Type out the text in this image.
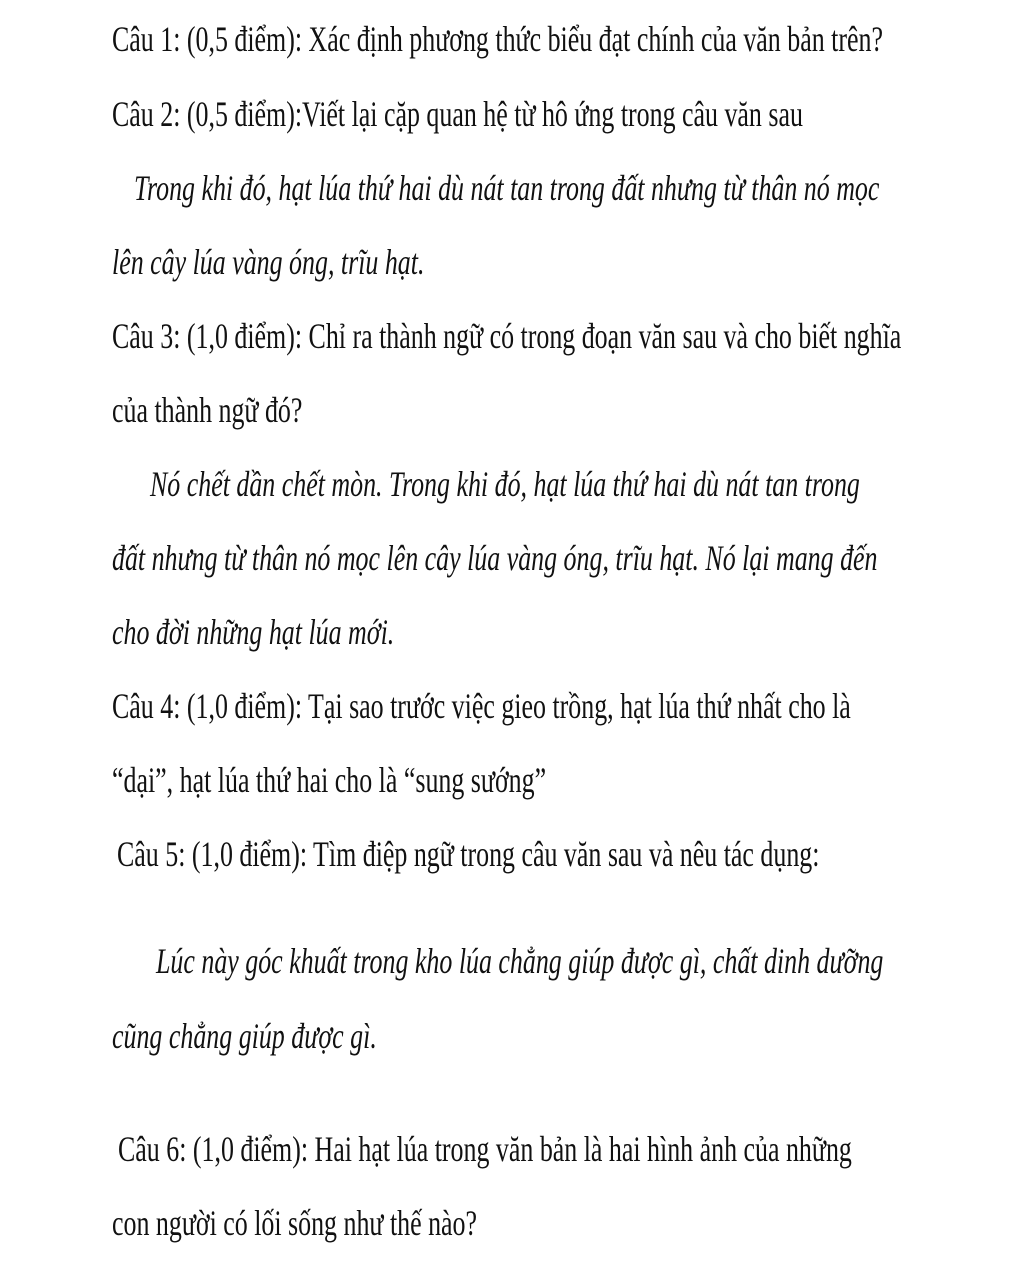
Câu 1: (0,5 điểm): Xác định phương thức biểu đạt chính của văn bản trên?
Câu 2: (0,5 điểm):Viết lại cặp quan hệ từ hô ứng trong câu văn sau
Trong khi đó, hạt lúa thứ hai dù nát tan trong đất nhưng từ thân nó mọc
lên cây lúa vàng óng, trĩu hạt.
Câu 3: (1,0 điểm): Chỉ ra thành ngữ có trong đoạn văn sau và cho biết nghĩa
của thành ngữ đó?
Nó chết dần chết mòn. Trong khi đó, hạt lúa thứ hai dù nát tan trong
đất nhưng từ thân nó mọc lên cây lúa vàng óng, trĩu hạt. Nó lại mang đến
cho đời những hạt lúa mới.
Câu 4: (1,0 điểm): Tại sao trước việc gieo trồng, hạt lúa thứ nhất cho là
“dại”, hạt lúa thứ hai cho là “sung sướng”
Câu 5: (1,0 điểm): Tìm điệp ngữ trong câu văn sau và nêu tác dụng:
Lúc này góc khuất trong kho lúa chẳng giúp được gì, chất dinh dưỡng
cũng chẳng giúp được gì.
Câu 6: (1,0 điểm): Hai hạt lúa trong văn bản là hai hình ảnh của những
con người có lối sống như thế nào?
